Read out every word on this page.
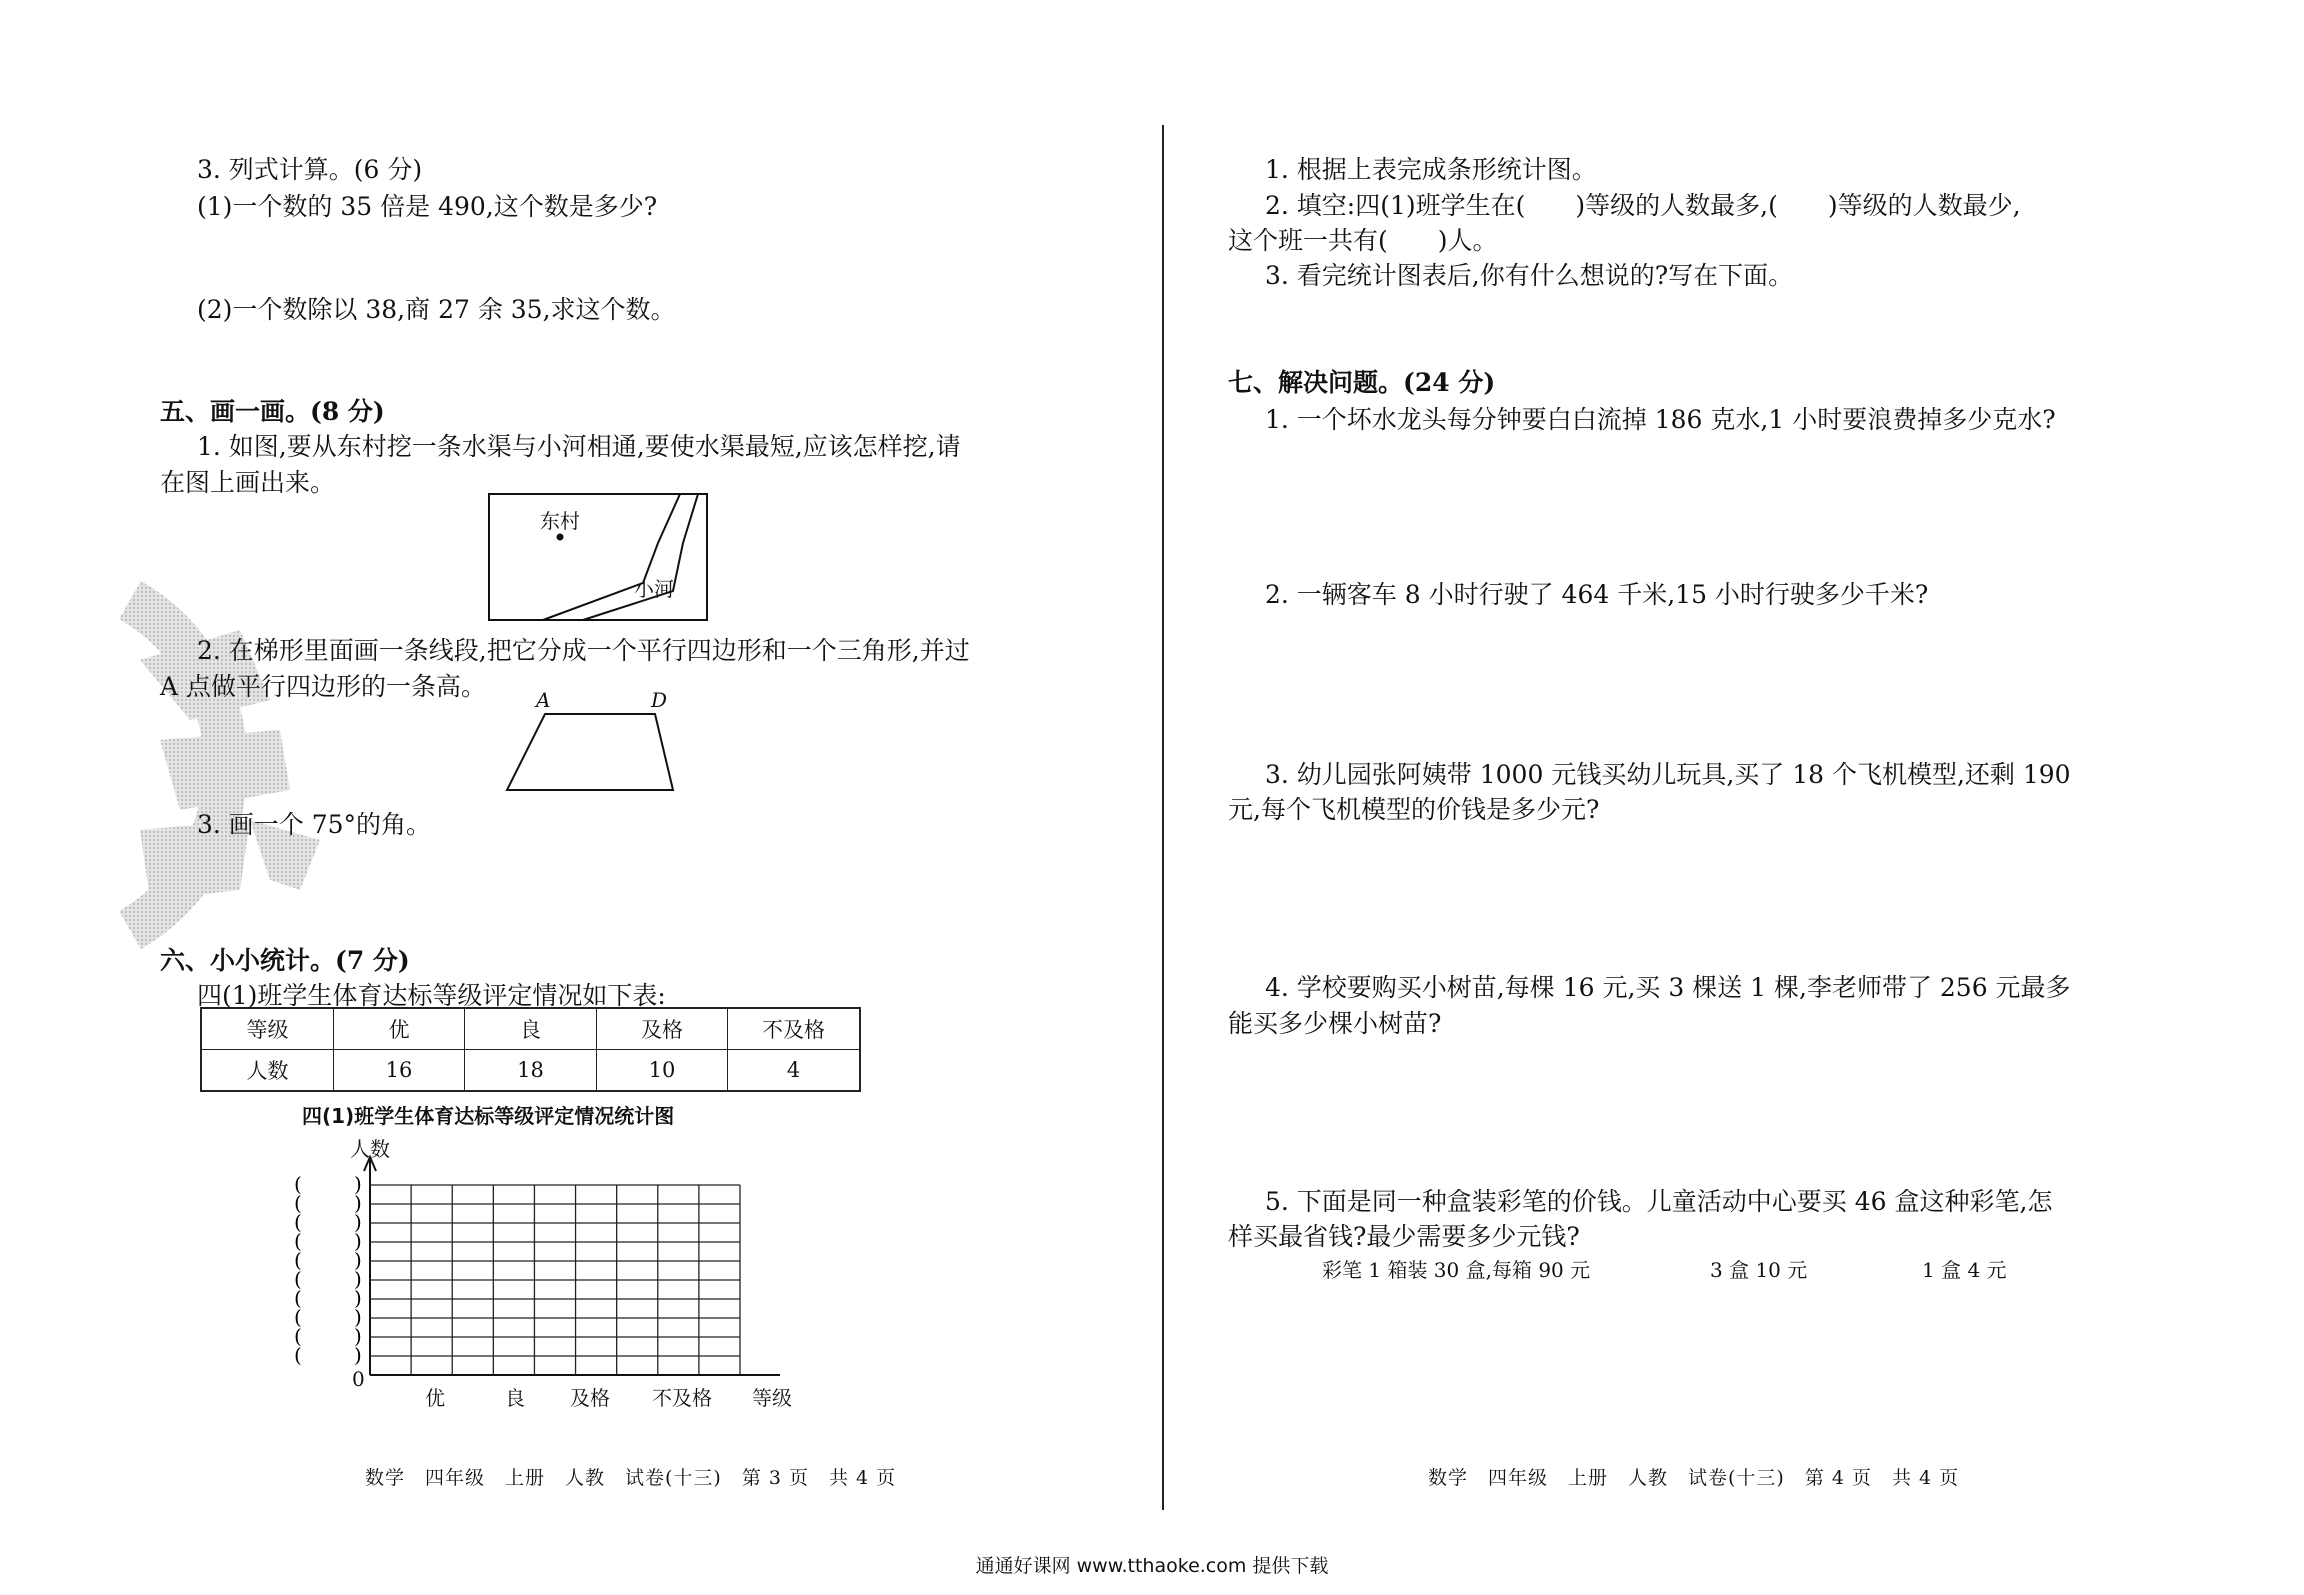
3. 列式计算。(6 分)
(1)一个数的 35 倍是 490,这个数是多少?
(2)一个数除以 38,商 27 余 35,求这个数。
五、画一画。(8 分)
1. 如图,要从东村挖一条水渠与小河相通,要使水渠最短,应该怎样挖,请
在图上画出来。
东村
小河
2. 在梯形里面画一条线段,把它分成一个平行四边形和一个三角形,并过
A 点做平行四边形的一条高。 A	D
3. 画一个 75°的角。
六、小小统计。(7 分)
四(1)班学生体育达标等级评定情况如下表:
等级	优	良	及格	不及格
人数	16	18	10	4
四(1)班学生体育达标等级评定情况统计图
人数
(	)
(	)
(	)
(	)
(	)
(	)
(	)
(	)
(	)
(	)
0
优	良 及格 不及格 等级
数学　四年级　上册　人教　试卷(十三)　第 3 页　共 4 页
1. 根据上表完成条形统计图。
2. 填空:四(1)班学生在(　　)等级的人数最多,(　　)等级的人数最少,
这个班一共有(　　)人。
3. 看完统计图表后,你有什么想说的?写在下面。
七、解决问题。(24 分)
1. 一个坏水龙头每分钟要白白流掉 186 克水,1 小时要浪费掉多少克水?
2. 一辆客车 8 小时行驶了 464 千米,15 小时行驶多少千米?
3. 幼儿园张阿姨带 1000 元钱买幼儿玩具,买了 18 个飞机模型,还剩 190
元,每个飞机模型的价钱是多少元?
4. 学校要购买小树苗,每棵 16 元,买 3 棵送 1 棵,李老师带了 256 元最多
能买多少棵小树苗?
5. 下面是同一种盒装彩笔的价钱。儿童活动中心要买 46 盒这种彩笔,怎
样买最省钱?最少需要多少元钱?
彩笔 1 箱装 30 盒,每箱 90 元	3 盒 10 元	1 盒 4 元
数学　四年级　上册　人教　试卷(十三)　第 4 页　共 4 页
通通好课网 www.tthaoke.com 提供下载
